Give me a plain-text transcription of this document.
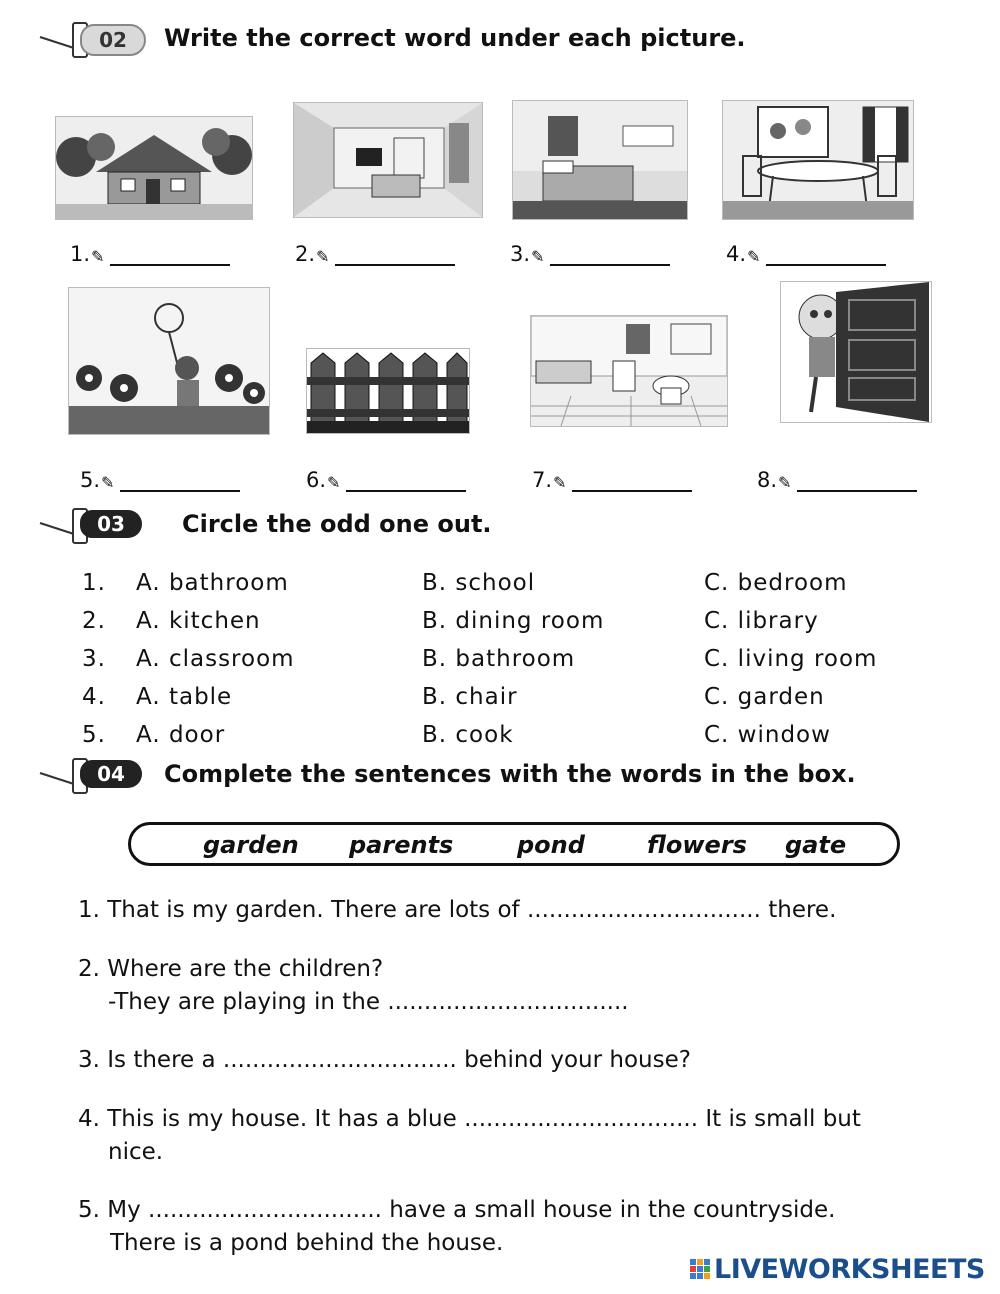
02	Write the correct word under each picture.
1. ✎	2. ✎	3. ✎	4. ✎
5. ✎	6. ✎	7. ✎	8. ✎
03	Circle the odd one out.
1. A. bathroom	B. school	C. bedroom
2. A. kitchen	B. dining room	C. library
3. A. classroom	B. bathroom	C. living room
4. A. table	B. chair	C. garden
5. A. door	B. cook	C. window
04	Complete the sentences with the words in the box.
garden parents	pond	flowers gate
1. That is my garden. There are lots of ................................ there.
2. Where are the children?
-They are playing in the .................................
3. Is there a ................................ behind your house?
4. This is my house. It has a blue ................................ It is small but
nice.
5. My ................................ have a small house in the countryside.
There is a pond behind the house.
LIVEWORKSHEETS
